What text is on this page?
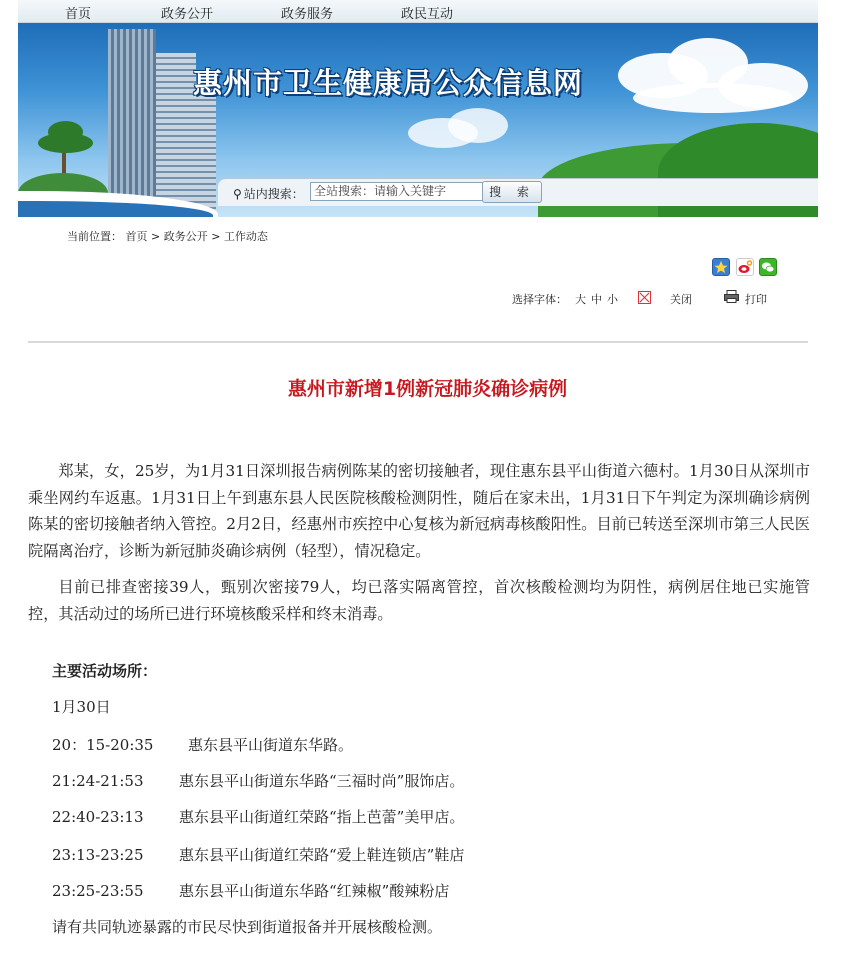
首页	政务公开	政务服务	政民互动
惠州市卫生健康局公众信息网
⚲ 站内搜索： 全站搜索：请输入关键字	搜 索
当前位置： 首页 > 政务公开 > 工作动态
选择字体： 大 中 小	关闭	打印
惠州市新增1例新冠肺炎确诊病例

郑某，女，25岁，为1月31日深圳报告病例陈某的密切接触者，现住惠东县平山街道六德村。1月30日从深圳市乘坐网约车返惠。1月31日上午到惠东县人民医院核酸检测阴性，随后在家未出，1月31日下午判定为深圳确诊病例陈某的密切接触者纳入管控。2月2日，经惠州市疾控中心复核为新冠病毒核酸阳性。目前已转送至深圳市第三人民医院隔离治疗，诊断为新冠肺炎确诊病例（轻型），情况稳定。

目前已排查密接39人，甄别次密接79人，均已落实隔离管控，首次核酸检测均为阴性，病例居住地已实施管控，其活动过的场所已进行环境核酸采样和终末消毒。

主要活动场所：
1月30日
20：15-20:35 惠东县平山街道东华路。
21:24-21:53 惠东县平山街道东华路“三福时尚”服饰店。
22:40-23:13 惠东县平山街道红荣路“指上芭蕾”美甲店。
23:13-23:25 惠东县平山街道红荣路“爱上鞋连锁店”鞋店
23:25-23:55 惠东县平山街道东华路“红辣椒”酸辣粉店
请有共同轨迹暴露的市民尽快到街道报备并开展核酸检测。
